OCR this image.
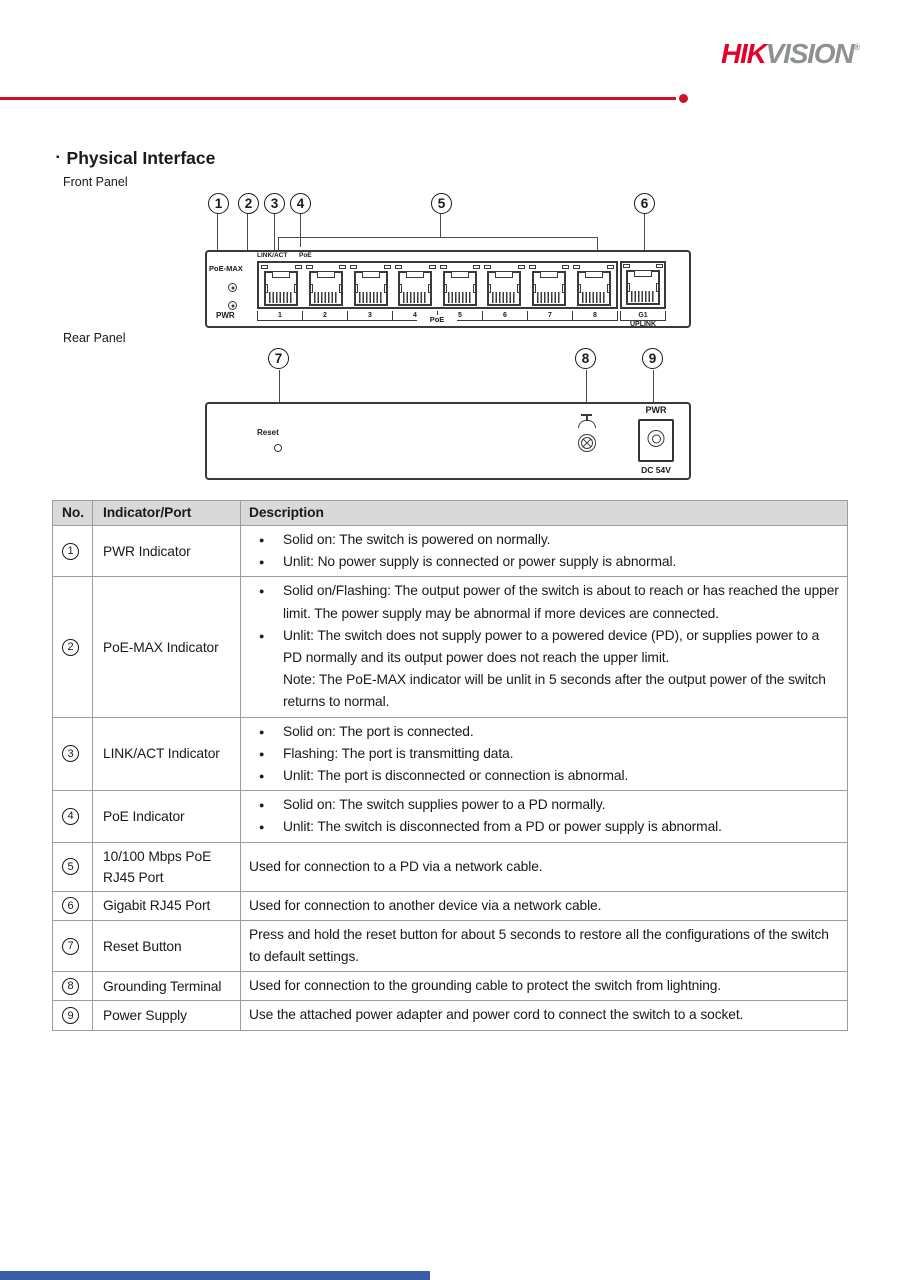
HIKVISION®
▪ Physical Interface
Front Panel
Rear Panel
1	2	3	4	5	6
7	8	9
PoE-MAX
PWR
LINK/ACT PoE
1	2	3	4	5	6	7	8
PoE	G1
UPLINK
Reset
PWR
DC 54V
No.	Indicator/Port	Description
1	PWR Indicator
● Solid on: The switch is powered on normally.
● Unlit: No power supply is connected or power supply is abnormal.
2	PoE-MAX Indicator
● Solid on/Flashing: The output power of the switch is about to reach or has reached the upper limit. The power supply may be abnormal if more devices are connected.
● Unlit: The switch does not supply power to a powered device (PD), or supplies power to a PD normally and its output power does not reach the upper limit.
Note: The PoE-MAX indicator will be unlit in 5 seconds after the output power of the switch returns to normal.
3	LINK/ACT Indicator
● Solid on: The port is connected.
● Flashing: The port is transmitting data.
● Unlit: The port is disconnected or connection is abnormal.
4	PoE Indicator
● Solid on: The switch supplies power to a PD normally.
● Unlit: The switch is disconnected from a PD or power supply is abnormal.
5
10/100 Mbps PoE
RJ45 Port
Used for connection to a PD via a network cable.
6	Gigabit RJ45 Port	Used for connection to another device via a network cable.
7	Reset Button
Press and hold the reset button for about 5 seconds to restore all the configurations of the switch to default settings.
8	Grounding Terminal	Used for connection to the grounding cable to protect the switch from lightning.
9	Power Supply	Use the attached power adapter and power cord to connect the switch to a socket.
